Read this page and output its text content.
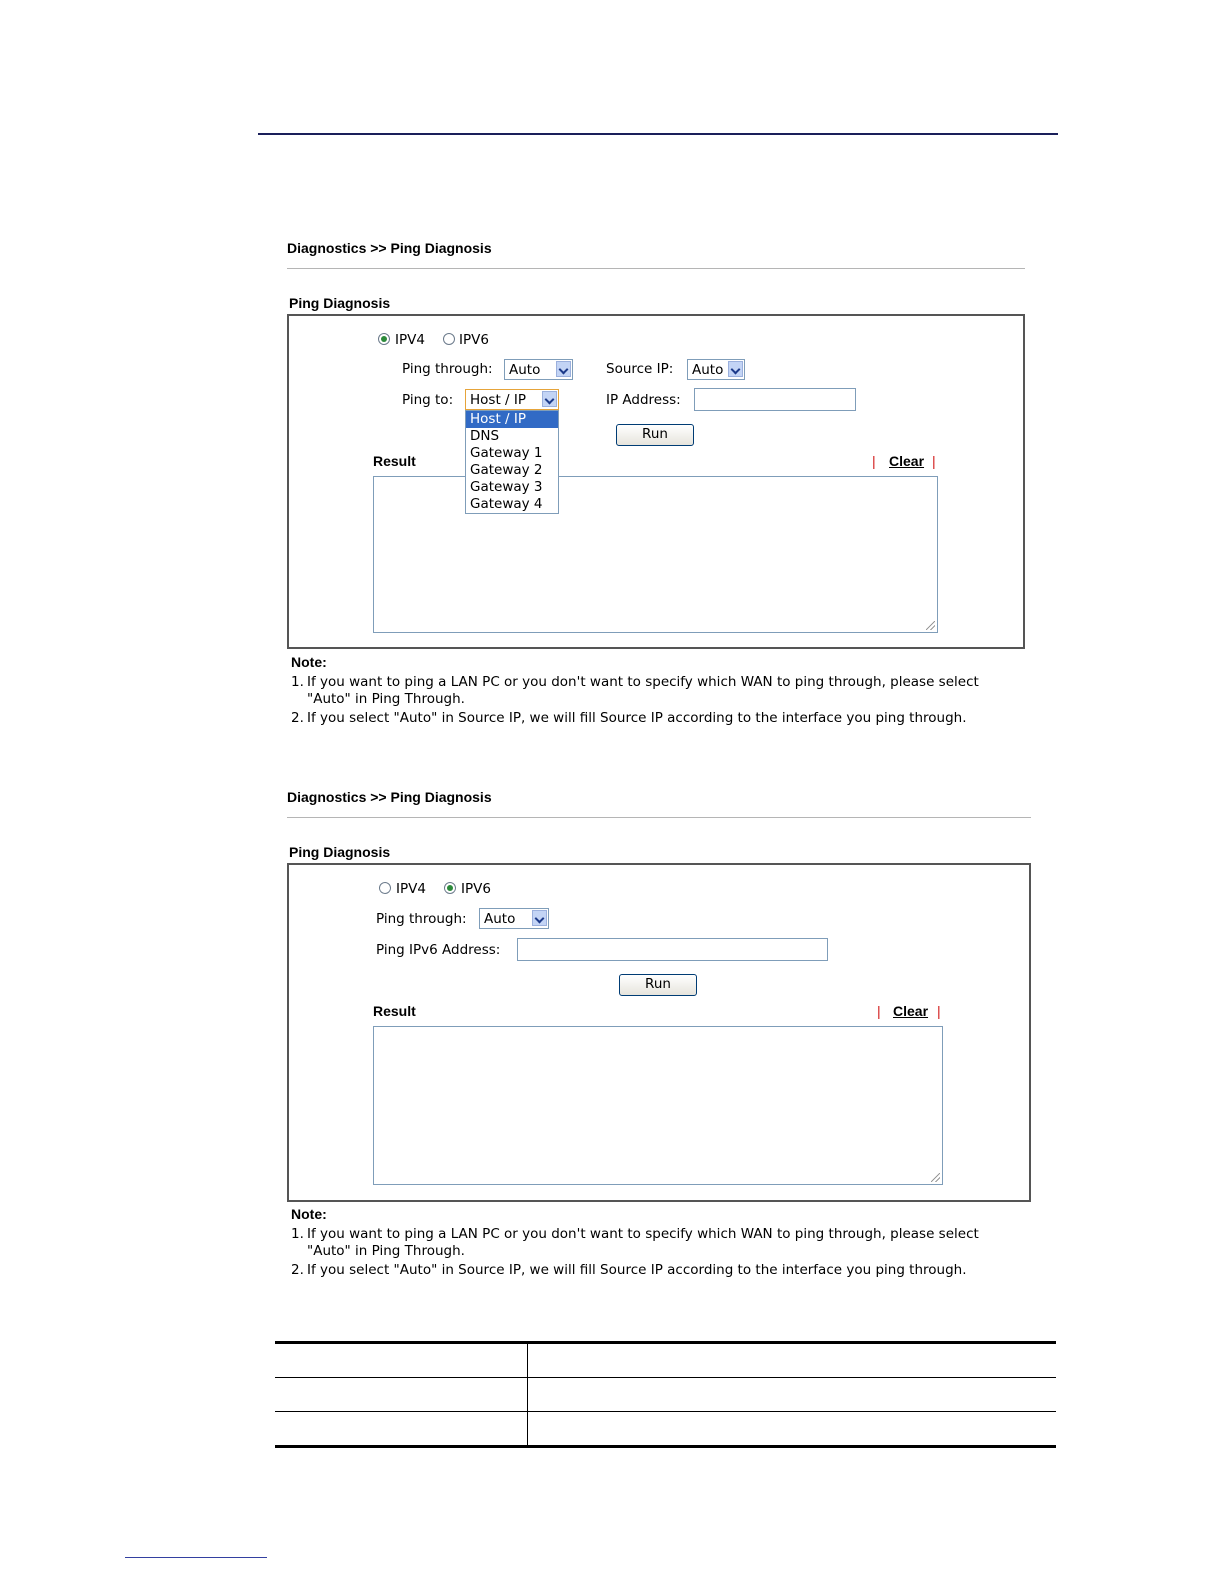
Diagnostics >> Ping Diagnosis
Ping Diagnosis
IPV4	IPV6
Ping through:	Auto	Source IP:	Auto
Ping to:	Host / IP	IP Address:
Run
Result	| Clear |
Host / IP
DNS
Gateway 1
Gateway 2
Gateway 3
Gateway 4
Note:
1. If you want to ping a LAN PC or you don't want to specify which WAN to ping through, please select
"Auto" in Ping Through.
2. If you select "Auto" in Source IP, we will fill Source IP according to the interface you ping through.
Diagnostics >> Ping Diagnosis
Ping Diagnosis
IPV4	IPV6
Ping through:	Auto
Ping IPv6 Address:
Run
Result	| Clear |
Note:
1. If you want to ping a LAN PC or you don't want to specify which WAN to ping through, please select
"Auto" in Ping Through.
2. If you select "Auto" in Source IP, we will fill Source IP according to the interface you ping through.
